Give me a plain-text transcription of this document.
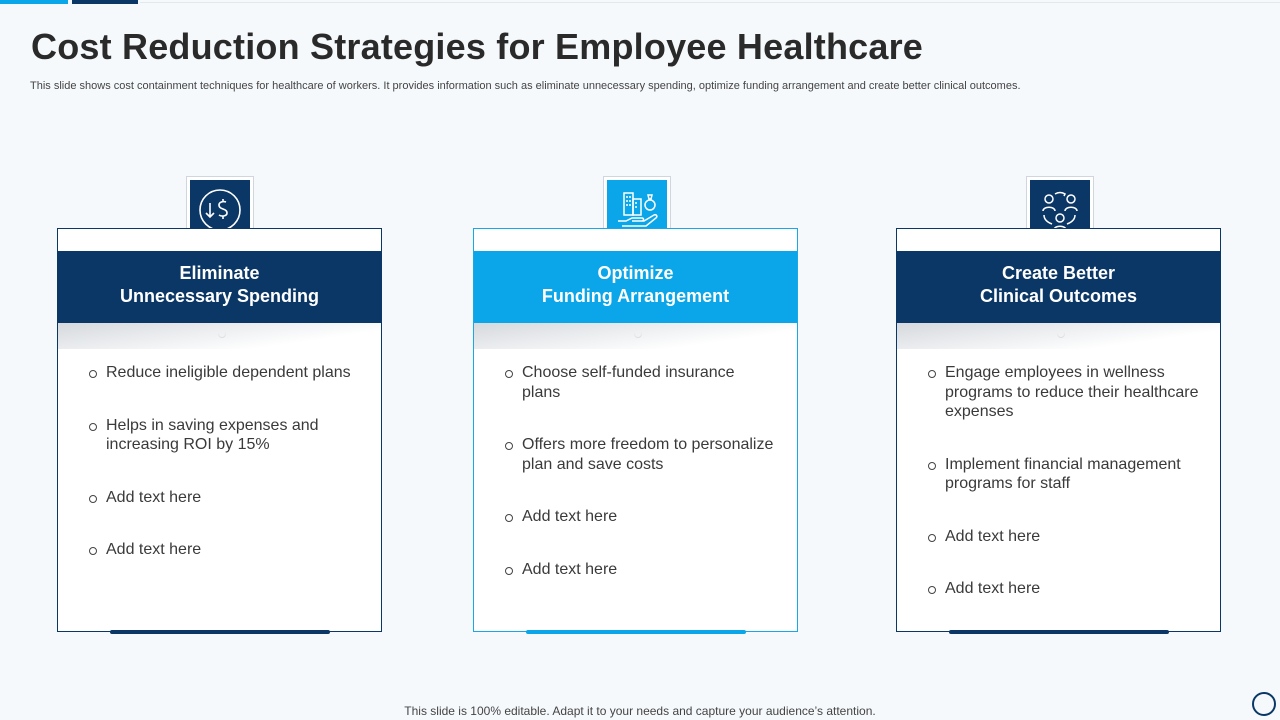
Cost Reduction Strategies for Employee Healthcare

This slide shows cost containment techniques for healthcare of workers. It provides information such as eliminate unnecessary spending, optimize funding arrangement and create better clinical outcomes.

Eliminate
Unnecessary Spending
Reduce ineligible dependent plans
Helps in saving expenses and increasing ROI by 15%
Add text here
Add text here
Optimize
Funding Arrangement
Choose self-funded insurance plans
Offers more freedom to personalize plan and save costs
Add text here
Add text here
Create Better
Clinical Outcomes
Engage employees in wellness programs to reduce their healthcare expenses
Implement financial management programs for staff
Add text here
Add text here
This slide is 100% editable. Adapt it to your needs and capture your audience’s attention.
